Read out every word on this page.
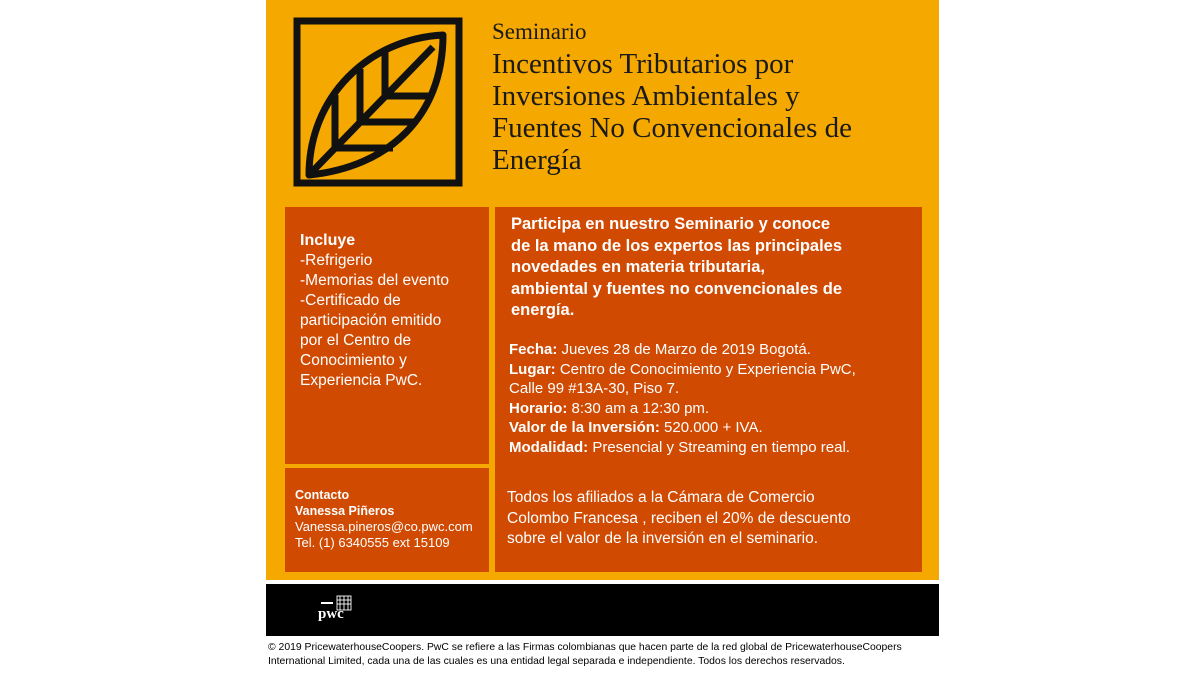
Seminario
Incentivos Tributarios por
Inversiones Ambientales y
Fuentes No Convencionales de
Energía
Incluye
-Refrigerio
-Memorias del evento
-Certificado de
participación emitido
por el Centro de
Conocimiento y
Experiencia PwC.
Contacto
Vanessa Piñeros
Vanessa.pineros@co.pwc.com
Tel. (1) 6340555 ext 15109
Participa en nuestro Seminario y conoce
de la mano de los expertos las principales
novedades en materia tributaria,
ambiental y fuentes no convencionales de
energía.
Fecha: Jueves 28 de Marzo de 2019 Bogotá.
Lugar: Centro de Conocimiento y Experiencia PwC,
Calle 99 #13A-30, Piso 7.
Horario: 8:30 am a 12:30 pm.
Valor de la Inversión: 520.000 + IVA.
Modalidad: Presencial y Streaming en tiempo real.
Todos los afiliados a la Cámara de Comercio
Colombo Francesa , reciben el 20% de descuento
sobre el valor de la inversión en el seminario.
pwc
© 2019 PricewaterhouseCoopers. PwC se refiere a las Firmas colombianas que hacen parte de la red global de PricewaterhouseCoopers
International Limited, cada una de las cuales es una entidad legal separada e independiente. Todos los derechos reservados.
